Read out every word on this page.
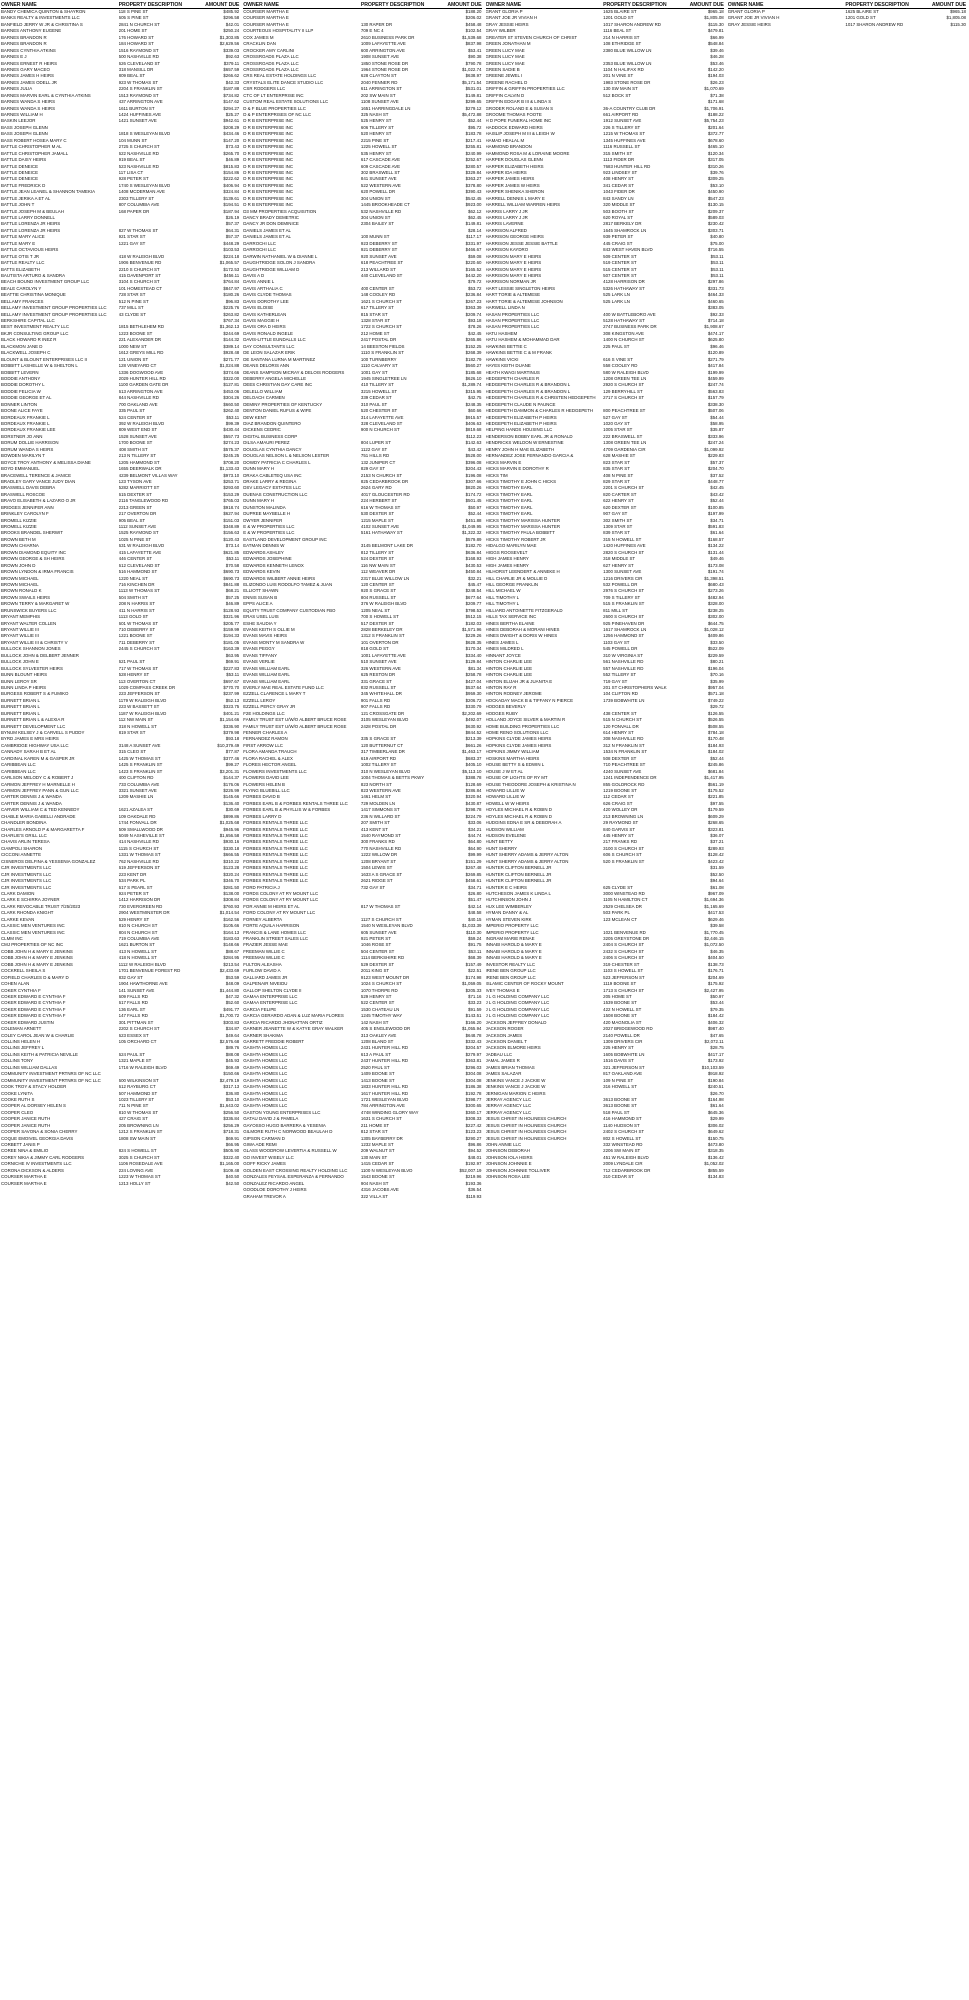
OWNER NAME	PROPERTY DESCRIPTION	AMOUNT DUE
BANDY CHEMICA QUINTON & SHAYRON	118 S PINE ST	$485.92
BANKS REALTY & INVESTMENTS LLC	605 S PINE ST	$296.58
BANFIELD JERRY W JR & CHRISTINA S	2841 N CHURCH ST	$42.01
BARNES ANTHONY EUGENE	201 HOME ST	$250.24
BARNES BRANDON R	176 HOWARD ST	$1,303.85
BARNES BRANDON R	184 HOWARD ST	$2,629.56
BARNES CYNTHIA ATKINS	1516 RAYMOND ST	$339.03
BARNES E J	500 NASHVILLE RD	$92.63
BARNES ERNEST R HEIRS	626 CLEVELAND ST	$379.11
BARNES GARY MACEO	318 MANSILL DR	$657.59
BARNES JAMES H HEIRS	809 BEAL ST	$266.62
BARNES JAMES ODELL JR	923 W THOMAS ST	$42.33
BARNES JULIA	2204 S FRANKLIN ST	$187.88
BARNES MARVIN EARL & CYNTHIA ATKINS	1513 RAYMOND ST	$734.82
BARNES WANDA S HEIRS	437 ARRINGTON AVE	$147.62
BARNES WANDA S HEIRS	1611 BURTON ST	$294.27
BARNES WILLIAM H	1424 HUFFINES AVE	$25.27
BASKIN LEEJOR	1421 SUNSET AVE	$942.61
BASS JOSEPH GLENN	$208.29
BASS JOSEPH GLENN	1818 S WESLEYAN BLVD	$434.46
BASS ROBERT HOSEA MARY C	104 MUNN ST	$147.20
BATTLE CHRISTOPHER M AL	2725 S CHURCH ST	$73.43
BATTLE CHRISTOPHER JAMALL	622 NASHVILLE RD	$265.70
BATTLE DAISY HEIRS	919 BEAL ST	$46.89
BATTLE DENEICE	523 NASHVILLE RD	$815.83
BATTLE DENEICE	117 LISA CT	$154.86
BATTLE DENEICE	928 PETER ST	$222.62
BATTLE FREDRICK D	1740 S WESLEYAN BLVD	$406.94
BATTLE JEAN LEANEL & SHANNON TAMEKIA	1408 MCDERMAN AVE	$324.84
BATTLE JERIKA A ET AL	2303 TILLERY ST	$139.61
BATTLE JOHN T	807 COLUMBIA AVE	$194.51
BATTLE JOSEPH M & BEULAH	168 PAPER DR	$187.94
BATTLE LARRY DONNELL	$26.19
BATTLE LORENZA JR HEIRS	$57.37
BATTLE LORENZA JR HEIRS	827 W THOMAS ST	$64.31
BATTLE MARY ALICE	921 STAR ST	$57.37
BATTLE MARY E	1221 GAY ST	$448.29
BATTLE OCTAVIOUS HEIRS	$103.53
BATTLE OTIS T JR	418 W RALEIGH BLVD	$224.18
BATTLE REALTY LLC	1906 BENVENUE RD	$1,065.57
BATTS ELIZABETH	2210 S CHURCH ST	$172.53
BAUTISTA ARTURO & SANDRA	415 DAVENPORT ST	$456.11
BEACH BOUND INVESTMENT GROUP LLC	3104 S CHURCH ST	$764.84
BEALE CAROLYN Y	101 HOMESTEAD CT	$847.97
BEATTIE CHRISTINA MONIQUE	728 STAR ST	$180.26
BELLAMY FRANCES	512 N PINE ST	$96.83
BELLAMY INVESTMENT GROUP PROPERTIES LLC	737 MILL ST	$225.76
BELLAMY INVESTMENT GROUP PROPERTIES LLC	43 CLYDE ST	$263.82
BERKSHIRE CAPITAL LLC	$767.34
BEST INVESTMENT REALTY LLC	1815 BETHLEHEM RD	$1,362.13
BKJR CONSULTING GROUP LLC	1223 BOONE ST	$244.69
BLACK HOWARD R INEZ R	221 ALEXANDER DR	$144.32
BLACKMON JANE D	1000 NEW ST	$389.14
BLACKWELL JOSEPH C	1612 GREYS MILL RD	$928.48
BLOUNT & BLOUNT ENTERPRISES LLC II	121 UNION ST	$271.77
BOBBITT LASHELLE W & SHELTON L	128 VINEYARD CT	$1,024.88
BOBBITT LEVERN	1336 DOGWOOD AVE	$374.66
BODDIE ANTHONY	2029 HUNTER HILL RD	$322.00
BODDIE DOROTHY L	1100 GARDEN GATE DR	$127.81
BODDIE FELICIA W	613 ARRINGTON AVE	$453.06
BODDIE GEORGE ET AL	844 NASHVILLE RD	$304.26
BONNER LINTON	700 OAKLAND AVE	$660.50
BOONE ALICE FAYE	335 PAUL ST	$262.40
BORDEAUX FRANKIE L	524 CENTER ST	$53.11
BORDEAUX FRANKIE L	392 W RALEIGH BLVD	$99.39
BORDEAUX FRANKIE LEE	809 WEST END ST	$430.44
BORSTNER JO ANN	1528 SUNSET AVE	$557.73
BORUM DOLLIE HARRISON	1700 BOONE ST	$274.23
BORUM WANDA S HEIRS	408 SMITH ST	$575.37
BOWDEN MARILYN T	213 N TILLERY ST	$245.25
BOYCE TROY ANTHONY & MELISSA DIANE	1205 HAMMOND ST	$708.20
BOYD EMMANUEL	1655 DEERWALK DR	$1,133.43
BRACEWELL TERENCE & JANICE	4239 BELMONT VILLAS WAY	$973.10
BRADLEY GARY VANCE JUDY DIAN	123 TYSON AVE	$253.71
BRASWELL DAVIS DEBRA	5282 MARRIOTT ST	$293.60
BRASWELL ROSCOE	615 DEXTER ST	$153.29
BRAVO ELISABETH & LAZARO O JR	2116 TANGLEWOOD RD	$765.03
BRIDGES JENNIFER ANN	2213 GREEN ST	$918.74
BRINKLEY CAROLYN F	217 OVERTON DR	$627.94
BROMELL KIZZIE	905 BEAL ST	$151.03
BROMELL KIZZIE	1112 SUNSET AVE	$348.89
BROOKS BRANDEL SHERWIT	1525 RAYMOND ST	$156.63
BROWN BETH M	1025 N PINE ST	$120.43
BROWN CHIARNA	631 W RALEIGH BLVD	$73.14
BROWN DIAMOND EQUITY INC	415 LAFAYETTE AVE	$621.85
BROWN GEORGE & SH HEIRS	446 CENTER ST	$53.11
BROWN JOHN D	612 CLEVELAND ST	$70.58
BROWN LYNDON & IRMA FRANCIS	516 HAMMOND ST	$690.73
BROWN MICHAEL	1220 NEAL ST	$690.73
BROWN MICHAEL	716 KINCHEN DR	$841.88
BROWN RONALD K	1113 W THOMAS ST	$68.21
BROWN SWAILS HEIRS	504 SMITH ST	$57.25
BROWN TERRY & MARGARET W	208 N HARRIS ST	$46.89
BRUNSWICK BUYERS LLC	411 N HARRIS ST	$128.93
BRYANT MEMPHIS	1113 GOLD ST	$321.96
BRYANT WALTER COLLEN	601 W THOMAS ST	$205.77
BRYANT WILLIE III	710 DEBERRY ST	$159.99
BRYANT WILLIE III	1221 BOONE ST	$194.33
BRYANT WILLIE III & CHRISTY V	711 DEBERRY ST	$181.05
BULLOCK SHANNON JONES	2445 S CHURCH ST	$163.39
BULLOCK JOHN & DELBERT JENNER	$63.95
BULLOCK JOHN E	621 PAUL ST	$69.91
BULLOCK SYLVESTER HEIRS	717 W THOMAS ST	$227.83
BUNN BLOUNT HEIRS	528 HENRY ST	$53.11
BUNN LEROY SR	113 OVERTON CT	$697.67
BUNN LINDA P HEIRS	1029 COMPASS CREEK DR	$770.70
BURGESS ROBERT S & FUMIKO	223 JEFFERSON ST	$237.99
BURNETT BRIAN L	1179 W RALEIGH BLVD	$52.13
BURNETT BRIAN L	223 W BASSETT ST	$323.75
BURNETT BRIAN L	1187 W RALEIGH BLVD	$401.21
BURNETT BRIAN L & ALEXIA R	112 NW MAIN ST	$1,154.66
BURNETT DEVELOPMENT LLC	318 N HOWELL ST	$336.90
BYNUM KELSEY J & CARVELL S PUDDY	819 STAR ST	$379.98
BYRD JAMES E MRS HEIRS	$93.18
CAMBRIDGE HIGHWAY USA LLC	3148 A SUNSET AVE	$10,379.49
CANNADY SARAH B ET AL	315 CLEO ST	$77.87
CARDINAL KAREN M & GASPER JR	1425 W THOMAS ST	$377.46
CARIBBEAN LLC	1425 S FRANKLIN ST	$99.27
CARIBBEAN LLC	1423 S FRANKLIN ST	$3,201.31
CARLSON MELODY C & ROBERT J	400 CLIFTON RD	$144.37
CARMON JEFFREY H MARNELLE H	733 COLUMBIA AVE	$176.06
CARMON JEFFREY PANN & GUN LLC	3321 SUNSET AVE	$226.99
CARTER DENNIS J & WANDA	1209 MASHIE LN	$145.66
CARTER DENNIS J & WANDA	$136.40
CARVER WILLIAM C & TED KENNEDY	1621 AZALEA ST	$30.69
CHABLE MARIA GABELLI ANDRADE	109 OAKDALE RD	$899.86
CHANDLER BONDINA	1744 FONVALL DR	$1,025.68
CHARLES ARNOLD P & MARGARETTA F	509 SMALLWOOD DR	$945.96
CHARLIE'S GRILL LLC	5049 N ASHEVILLE ST	$1,656.58
CHAVIS ARLIN TERESA	414 NASHVILLE RD	$930.16
CIAMPOLI SHARON	1115 S CHURCH ST	$330.18
CICCONI ANNETTE	1331 W THOMAS ST	$666.55
CISNEROS DELFINA & YESSENIA GONZALEZ	762 NASHVILLE RD	$310.22
CJR INVESTMENTS LLC	619 JEFFERSON ST	$123.28
CJR INVESTMENTS LLC	223 KENT DR	$320.24
CJR INVESTMENTS LLC	534 PARK PL	$346.70
CJR INVESTMENTS LLC	617 S PEARL ST	$281.50
CLARK DAMION	924 PETER ST	$138.00
CLARK E SCHIRRA JOYNER	1412 HARRISON DR	$308.84
CLARK REVOCABLE TRUST 7/25/2023	730 EVERGREEN RD	$760.93
CLARK RHONDA KNIGHT	2904 WESTMINSTER DR	$1,014.54
CLARKE KEVAN	529 HENRY ST	$162.56
CLASSIC MEN VENTURES INC	810 N CHURCH ST	$105.66
CLASSIC MEN VENTURES INC	804 N CHURCH ST	$164.13
CLMM INC	719 COLUMBIA AVE	$183.63
CMJ PROPERTIES OF NC INC	1621 BURTON ST	$148.66
COBB JOHN H & MARY E JENKINS	413 N HOWELL ST	$88.67
COBB JOHN H & MARY E JENKINS	418 N HOWELL ST	$284.95
COBB JOHN H & MARY E JENKINS	1112 W RALEIGH BLVD	$213.54
COCKRELL SHEILA S	1701 BENVENUE FOREST RD	$2,433.69
COFIELD CHARLES D & MARY D	832 GAY ST	$53.59
COHEN ALAN	1904 HAWTHORNE AVE	$48.09
COKER CYNTHIA F	141 SUNSET AVE	$1,444.80
COKER EDWARD E CYNTHIA F	609 FALLS RD	$47.32
COKER EDWARD E CYNTHIA F	617 FALLS RD	$52.60
COKER EDWARD E CYNTHIA F	136 EARL ST	$491.77
COKER EDWARD E CYNTHIA F	147 FALLS RD	$1,700.72
COKER EDWARD JUSTIN	301 PITTMAN ST	$303.83
COLEMAN ARNETT	2202 S CHURCH ST	$34.87
COLEY CAROL JEAN W & CHARLIE	623 ESSEX ST	$49.64
COLLINS HELEN H	105 ORCHARD CT	$2,576.68
COLLINS JEFFREY L	$89.76
COLLINS KEITH & PATRICIA NEVILLE	624 PAUL ST	$88.08
COLLINS TONY	1321 MAPLE ST	$45.93
COLLINS WILLIAM DALLAS	1716 W RALEIGH BLVD	$69.49
COMMUNITY INVESTMENT PRTNRS OF NC LLC	$150.66
COMMUNITY INVESTMENT PRTNRS OF NC LLC	600 WILKINSON ST	$2,479.19
COOK TROY & STACY HOLDER	612 RAYBURG CT	$317.13
COOKE LYNITA	507 HAMMOND ST	$36.80
COOKE RUTH S	1023 TILLERY ST	$53.10
COOPER AL DORSEY HELEN S	711 N PINE ST	$1,643.02
COOPER CLEO	810 W THOMAS ST	$256.50
COOPER JANICE RUTH	427 CRAIG ST	$336.84
COOPER JANICE RUTH	205 BROWNING LN	$256.29
COOPER SAVONA & SONIA CHERRY	1212 S FRANKLIN ST	$718.31
COQUE EMOIVEL GEORGIA DAVIS	1808 SW MAIN ST	$69.91
CORBETT JANIS P	$66.95
COREE NINA & EMILIO	824 S HOWELL ST	$505.90
COREY NIKIA & JIMMY CARL RODGERS	3025 S CHURCH ST	$322.40
CORNICHE IV INVESTMENTS LLC	1106 ROSEDALE AVE	$1,165.00
CORONA DICKSON & ALDERS	224 LOVING AVE	$109.48
COURSER MARTHA E	1223 W THOMAS ST	$40.50
COURSER MARTHA E	1213 HOLLY ST	$42.50
OWNER NAME	PROPERTY DESCRIPTION	AMOUNT DUE
COURSER MARTHA E	$188.20
COURSER MARTHA E	$206.02
COURSER MARTHA E	130 RAPER DR	$458.48
COURTEOUS HOSPITALITY II LLP	709 E NC 4	$102.54
COX JAMES M	2610 BUSINESS PARK DR	$1,539.68
CRACKLIN DAN	1009 LAFAYETTE AVE	$837.98
CROCKER AMY CARLINI	600 ARRINGTON AVE	$53.41
CROSSROADS PLAZA LLC	1908 SUNSET AVE	$90.38
CROSSROADS PLAZA LLC	1850 STONE ROSE DR	$790.78
CROSSROADS PLAZA LLC	1964 STONE ROSE DR	$1,022.74
CRS REAL ESTATE HOLDINGS LLC	628 CLAYTON ST	$638.97
CRYSTALS ELITE DANCE STUDIO LLC	2040 FENNER RD	$5,171.54
CSR RODGERS LLC	611 ARRINGTON ST	$531.01
CTC OF LT ENTERPRISE INC	202 SW MAIN ST	$149.81
CUSTOM REAL ESTATE SOLUTIONS LLC	1108 SUNSET AVE	$299.65
D & F BLUE PROPERTIES LLC	1651 HARRINGDALE LN	$279.12
D & P ENTERPRISES OF NC LLC	325 NASH ST	$5,472.88
D R B ENTERPRISE INC	525 HENRY ST	$52.44
D R B ENTERPRISE INC	606 TILLERY ST	$95.72
D R B ENTERPRISE INC	520 HENRY ST	$183.78
D R B ENTERPRISE INC	2215 PINE ST	$217.41
D R B ENTERPRISE INC	1225 HOWELL ST	$255.81
D R B ENTERPRISE INC	535 HENRY ST	$240.99
D R B ENTERPRISE INC	617 CASCADE AVE	$252.67
D R B ENTERPRISE INC	609 CASCADE AVE	$280.57
D R B ENTERPRISE INC	302 BRASWELL ST	$329.84
D R B ENTERPRISE INC	841 SUNSET AVE	$363.27
D R B ENTERPRISE INC	522 WESTERN AVE	$378.80
D R B ENTERPRISE INC	620 POWELL DR	$390.43
D R B ENTERPRISE INC	304 UNION ST	$542.45
D R B ENTERPRISE INC	1445 BROOKHEADE CT	$923.00
D3 MM PROPERTIES ACQUISITION	532 NASHVILLE RD	$62.12
DANCY BRADY DEMETRIC	304 UNION ST	$62.45
DANCY JR DON DEMINICE	2304 BAILEY ST	$149.81
DANIELS JAMES ET AL	$28.14
DANIELS JAMES ET AL	100 MUNN ST	$117.17
DARROCHI LLC	923 DEBERRY ST	$331.97
DARROCHI LLC	921 DEBERRY ST	$466.67
DARWIN NATHANIEL W & DIANNE L	920 SUNSET AVE	$59.08
DAUGHTRIDGE SOLON J SANDRA	618 PEACHTREE ST	$220.60
DAUGHTRIDGE WILLIAM D	213 WILLARD ST	$165.52
DAVIS A D	440 CLEVELAND ST	$442.20
DAVIS ANNIE L	$79.72
DAVIS ARTHALIA C	400 CENTER ST	$53.72
DAVIS CLYDE THOMAS	148 COOLEY RD	$236.84
DAVIS DOROTHY LEE	1621 S CHURCH ST	$267.23
DAVIS ELOISE	617 TILLERY ST	$363.39
DAVIS KATHERLEAN	815 STAR ST	$209.74
DAVIS MAGGIE H	1328 STAR ST	$93.18
DAVIS ORA D HEIRS	1722 S CHURCH ST	$78.26
DAVIS RONALD INGELE	212 HOME ST	$42.45
DAVIS-LITTLE EUNDALLS LLC	2417 POSTAL DR	$265.86
DAY CONSULTANTS LLC	14 BEESTON FIELDS	$152.25
DE LEON SALAZAR ERIK	1110 S FRANKLIN ST	$268.39
DE SANTANA LURNA M MARTINEZ	100 TURNBERRY	$182.79
DEANS DELORIS ANN	1110 CALVARY ST	$560.27
DEANS SAMPSON MICRAY & DELOIS RODGERS	1001 GAY ST	$185.68
DEBERRY ANGELA MICHELLE	1945 SINGLETREE LN	$626.10
DEES CHRISTIAN DAY CARE INC	410 TILLERY ST	$1,289.74
DELELLO WILLIAM	3215 HOWELL ST	$315.95
DELOACH CARMEN	339 CEDAR ST	$42.75
DEMINY PROPERTIES OF KENTUCKY	310 PAUL ST	$248.35
DENTON DANIEL RUFUS & WIFE	520 CHESTER ST	$60.66
DEW KENT	314 LAFAYETTE AVE	$915.57
DIAZ BRANDON QUINTERO	328 CLEVELAND ST	$406.63
DICKENS CEDRIC	900 N CHURCH ST	$819.68
DIGITAL BUSINESS CORP	$112.23
DILSA AMAURI PEREZ	804 LUPER ST	$142.63
DOUGLAS CYNTHIA DANCY	1122 GAY ST	$43.42
DOUGLAS NELSON L & NELSON LESTER	751 HILLS RD	$528.00
DOWDY PATRICIA C CHARLES L	132 JUNIPER CT	$396.08
DUNN MARY H	829 GAY ST	$204.43
DRAKA CABLETEQ USA INC	2153 N CHURCH ST	$196.08
DRAKE LARRY & REGINA	825 CEDARBROOK DR	$307.66
DSV LEGACY ESTATES LLC	2624 GARY RD	$820.26
DUENAS CONSTRUCTION LLC	4017 GLOUCESTER RD	$174.72
DUNN MARY H	224 HERBERT ST	$501.45
DUNSTON MALINDA	616 W THOMAS ST	$50.97
DUPREE MAYBELLE H	530 DEXTER ST	$52.44
DWYER JENNIFER	1215 MAPLE ST	$451.88
E & W PROPERTIES LLC	4102 SUNSET AVE	$1,049.95
E & W PROPERTIES LLC	5161 HATHAWAY ST	$1,322.32
EASTLAND DEVELOPMENT GROUP INC	$579.89
EATMAN DENNIS W	3145 BELMONT LAKE DR	$182.70
EDWARDS ASHLEY	812 TILLERY ST	$636.84
EDWARDS JOSEPHINE	524 DEXTER ST	$168.93
EDWARDS KENNETH LENOX	116 NW MAIN ST	$430.53
EDWARDS KEVIN	112 WEAVER DR	$450.84
EDWARDS WILBERT ANNIE HEIRS	2317 BLUE WILLOW LN	$32.21
ELIZONDO LUIS RODOLFO TAMEZ & JUAN	120 CENTER ST	$45.47
ELLIOTT SHAWN	920 S GRACE ST	$248.54
ENNIS SUSAN B	804 RUSSELL ST	$677.64
EPPS ALICE A	376 W RALEIGH BLVD	$209.77
EQUITY TRUST COMPANY CUSTODIAN FBO	1205 NEAL ST	$798.53
ERAS USEL LUIS	700 S HOWELL ST	$512.15
ESHE SAUDIA Y	517 DEXTER ST	$182.03
EVANS KEITH S OLLIE M	2828 BERKELEY DR	$1,571.96
EVANS MAVIS HEIRS	1312 S FRANKLIN ST	$229.26
EVANS MONTY M SANDRA W	101 OVERTON DR	$628.35
EVANS PEGGY	818 GOLD ST	$170.34
EVANS TIFFANY	1001 LAFAYETTE AVE	$334.40
EVANS VERLIE	510 SUNSET AVE	$129.84
EVANS WILLIAM EARL	326 WESTERN AVE	$81.34
EVANS WILLIAM EARL	625 RESTON DR	$258.78
EVANS WILLIAM EARL	331 GRACE ST	$427.04
EVERLY MAE REAL ESTATE FUND LLC	832 RUSSELL ST	$537.64
EZZELL CLARENCE L MARY T	345 WHITEHALL DR	$959.30
EZZELL LEROY	901 FALLS RD	$206.72
EZZELL PERCY GRAY JR	907 FALLS RD	$330.79
F2E HOLDINGS LLC	121 CROSSGATE DR	$2,202.69
FAMILY TRUST EST U/W/O ALBERT BRUCE ROSE	3105 WESLEYAN BLVD	$492.07
FAMILY TRUST EST U/W/O ALBERT BRUCE ROSE	2428 POSTAL DR	$630.92
FENNER CHARLES A	$844.52
FERNANDEZ RAMON	335 S GRACE ST	$213.39
FIRST ARROW LLC	120 BUTTERNUT CT	$661.26
FLORA AMANDA TRAUCH	317 TIMBERLANE DR	$1,463.17
FLORA RACHEL & ALEX	619 AIRPORT RD	$683.37
FLORES HECTOR ANGEL	1002 TILLERY ST	$405.10
FLOWERS INVESTMENTS LLC	310 N WESLEYAN BLVD	$5,113.10
FLOWERS DAVID LEE	1004 THOMAS & BETTS PKWY	$388.78
FLOWERS HELEN B	823 NORTH ST	$128.69
FLYING BLUEBILL LLC	823 WESTERN AVE	$286.84
FORBES DAVID B	1461 HELM ST	$320.94
FORBES EARL B & FORBES RENTALS THREE LLC	729 MOLDEN LN	$430.87
FORBES EARL B & PHYLLIS W & FORBES	1417 SIMMONS ST	$298.78
FORBES LARRY D	236 N WILLARD ST	$224.79
FORBES RENTALS THREE LLC	207 SMITH ST	$33.06
FORBES RENTALS THREE LLC	413 KENT ST	$34.21
FORBES RENTALS THREE LLC	1540 RAYMOND ST	$44.74
FORBES RENTALS THREE LLC	300 FRANKS RD	$64.80
FORBES RENTALS THREE LLC	770 NASHVILLE RD	$64.90
FORBES RENTALS THREE LLC	1222 WILLOW DR	$99.99
FORBES RENTALS THREE LLC	1208 BRYANT ST	$151.29
FORBES RENTALS THREE LLC	1504 LEWIS ST	$267.48
FORBES RENTALS THREE LLC	1633 A S GRACE ST	$269.85
FORBES RENTALS THREE LLC	2621 RIDGE ST	$458.61
FORD PATRICIA J	732 GAY ST	$34.71
FORDS COLONY AT RY MOUNT LLC	$26.80
FORDS COLONY AT RY MOUNT LLC	$51.47
FOR ANNIE M HEIRS ET AL	817 W THOMAS ST	$42.14
FORD COLONY AT RY MOUNT LLC	$48.58
FORNEY ALBERTA	1127 S CHURCH ST	$40.15
FORTE AQUILA HARRISON	1540 N WESLEYAN BLVD	$1,033.39
FRANCIS & LANE HOMES LLC	605 SUNSET AVE	$110.30
FRANKLIN STREET SALES LLC	921 PETER ST	$59.24
FRAZIER JESSE MAE	1046 ROSE ST	$91.75
FREEMAN WILLIE C	504 CENTER ST	$53.11
FREEMAN WILLIE C	1114 BERKSHIRE RD	$68.39
FULTON ALEASHA	529 DEXTER ST	$157.49
FURLOW DAVID A	2011 KING ST	$22.51
GALLIARD JAMES JR	9123 WEST MOUNT DR	$174.98
GALPENAIR NIVEIDU	1024 S CHURCH ST	$1,059.05
GALLOP SHELTON CLYDE II	1070 THORPE RD	$205.33
GAMAA ENTERPRISE LLC	529 HENRY ST	$71.16
GAMAA ENTERPRISE LLC	522 CENTER ST	$33.23
GARCIA FELIPE	1530 CHATEAU LN	$91.59
GARCIA GERARDO ADAN & LUZ MARIA FLORES	1245 TIMOTHY WAY	$143.51
GARCIA RICARDO JHONATTAN ORTIZ	142 NASH ST	$166.20
GARNER JEANETTE W & KATYE GRAY WALKER	405 S ENGLEWOOD DR	$1,055.94
GARNER SHAKIMA	313 OAKLEY AVE	$648.78
GARRETT FREDDIE ROBERT	1208 BLAND ST	$332.43
GASHTA HOMES LLC	2431 HUNTER HILL RD	$204.57
GASHTA HOMES LLC	613 A PAUL ST	$279.97
GASHTA HOMES LLC	2437 HUNTER HILL RD	$363.81
GASHTA HOMES LLC	2520 PAUL ST	$296.03
GASHTA HOMES LLC	1409 BOONE ST	$304.08
GASHTA HOMES LLC	1413 BOONE ST	$304.08
GASHTA HOMES LLC	1833 HUNTER HILL RD	$186.38
GASHTA HOMES LLC	1617 HUNTER HILL RD	$192.78
GASHTA HOMES LLC	1721 WESLEYAN BLVD	$398.77
GASHTA HOMES LLC	784 ARRINGTON AVE	$300.65
GASTON YOUNG ENTERPRISES LLC	4748 WINDING GLORY WAY	$360.17
GATAU DAVID J & PAMELA	1631 S CHURCH ST	$308.33
GAYOSSO HUGO BARRERA & YESENIA	211 HOME ST	$227.42
GILMORE RUTH C NORWOOD BEAULAH D	812 STAR ST	$123.23
GIPSON CARMAN D	1305 BAYBERRY DR	$290.27
GIWA ADE REMI	1232 MAPLE ST	$96.86
GLASS WOODROW LEVERTIA & RUSSELL W	209 WALNUT ST	$94.52
GO INVEST WISELY LLC	130 MAIN ST	$48.01
GOFF RICKY JAMES	1415 CEDAR ST	$192.97
GOLDEN EAST CROSSING REALTY HOLDING LLC	1100 N WESLEYAN BLVD	$52,007.19
GONZALES FEYSAIL ESPERANZA & FERNANDO	1543 BOONE ST	$219.96
GONZALEZ RICARDO ANGEL	904 NASH ST	$193.36
GOODLOE DOROTHY J HEIRS	4316 JACOBS AVE	$36.54
GRAHAM TREVOR A	322 VILLA ST	$119.93
OWNER NAME	PROPERTY DESCRIPTION	AMOUNT DUE
GRANT GLORIA P	1625 BLAIRE ST	$965.18
GRANT JOE JR VIVIAN H	1201 GOLD ST	$1,805.08
GRAY JESSIE HEIRS	1017 SHARON ANDREW RD	$115.30
GRAY WILBER	1116 BEAL ST	$479.81
GREATER ST STEVEN CHURCH OF CHRIST	214 N HARRIS ST	$66.99
GREEN JONATHAN M	108 ETHRIDGE ST	$548.84
GREEN LUCY MAE	2380 BLUE WILLOW LN	$39.46
GREEN LUCY MAE	$46.28
GREEN LUCY MAE	2353 BLUE WILLOW LN	$53.46
GREEN SADIE B	1104 N HALIFAX RD	$142.20
GREENE JEWEL I	201 N VINE ST	$194.03
GREENE RACHEL D	1983 STONE ROSE DR	$26.23
GRIFFIN & GRIFFIN PROPERTIES LLC	130 SW MAIN ST	$1,070.69
GRIFFIN CALVIN D	512 BOCK ST	$71.38
GRIFFIN EDGAR B III & LINDA S	$171.68
GRODER ROLAND E & SUSAN S	36-A COUNTRY CLUB DR	$1,706.91
GROOME THOMAS FOOTE	661 AIRPORT RD	$188.22
H D POPE FUNERAL HOME INC	1912 SUNSET AVE	$5,754.23
HADDOCK EDWARD HEIRS	226 S TILLERY ST	$201.64
HAISLIP JOSEPH M III & LEIGH W	1215 W THOMAS ST	$372.77
HAMAD HEALAL M	1345 HUFFINES AVE	$678.60
HAMMOND BRANDON	1116 RUSSELL ST	$465.10
HAMMOND ROSA M & LORAINE MOORE	315 SMITH ST	$120.34
HARPER DOUGLAS GLENN	1113 FIDER DR	$317.05
HARPER ELIZABETH HEIRS	7683 HUNTER HILL RD	$310.26
HARPER IDA HEIRS	923 LINDSEY ST	$39.76
HARPER JAMES HEIRS	408 HENRY ST	$309.25
HARPER JAMES W HEIRS	341 CEDAR ST	$53.10
HARPER SHENIKA SHERON	1043 FIDER DR	$450.90
HARRELL DENNIS L MARY E	843 SANDY LN	$547.23
HARRELL WILLIAM WARREN HEIRS	320 MIDDLE ST	$130.15
HARRIS LARRY J JR	503 BOOTH ST	$209.37
HARRIS LARRY J JR	620 ROYAL ST	$589.03
HARRIS LAVERNE	2817 BERKELY DR	$230.42
HARRISON ALFRED	1645 SHAMROCK LN	$303.71
HARRISON GEORGE HEIRS	939 PETER ST	$40.80
HARRISON JESSE JESSIE BATTLE	445 CRAIG ST	$75.00
HARRISON KAYDRO	843 WEST HAVEN BLVD	$716.55
HARRISON MARY E HEIRS	509 CENTER ST	$53.11
HARRISON MARY E HEIRS	519 CENTER ST	$53.11
HARRISON MARY E HEIRS	515 CENTER ST	$53.11
HARRISON MARY E HEIRS	507 CENTER ST	$53.11
HARRISON NORMAN JR	4128 HARRISON DR	$297.86
HART LESSIE SINGLETON HEIRS	5326 HATHAWAY ST	$331.73
HART TORIE & ALTEMESE	525 LARK LN	$464.33
HART TORIE & ALTEMESE JOHNSON	525 LARK LN	$460.65
HARWELL LINDA N	$383.05
HASAN PROPERTIES LLC	400 W BATTLEBORO AVE	$92.33
HASAN PROPERTIES LLC	5128 HATHAWAY ST	$714.18
HASAN PROPERTIES LLC	2747 BUSINESS PARK DR	$1,908.67
HATU HASHEM	308 KINGSTON AVE	$474.17
HATU HASHEM & MOHAMMAD DAR	1400 N CHURCH ST	$625.80
HAWKINS BETTIE C	225 PAUL ST	$96.46
HAWKINS BETTIE C & M FRANK	$120.89
HAWKINS VICKI	616 S VINE ST	$271.79
HAYES KEITH DUANE	558 COOLEY RD	$417.84
HEATH KWAGI MARTINUS	580 W RALEIGH BLVD	$199.99
HEDGEPETH CHARLES R	1208 GREEN TEE LN	$459.99
HEDGEPETH CHARLES R & BRANDON L	2920 S CHURCH ST	$247.74
HEDGEPETH CHARLES R & BRANDON L	129 BERRYHILL ST	$563.83
HEDGEPETH CHARLES R & CHRISTEN HEDGEPETH	2717 S CHURCH ST	$157.79
HEDGEPETH CLAUDE N PAUNCE	$338.30
HEDGEPETH DAMMON & CHARLES R HEDGEPETH	800 PEACHTREE ST	$507.06
HEDGEPETH ELIZABETH P HEIRS	527 GAY ST	$54.44
HEDGEPETH ELIZABETH P HEIRS	1020 GAY ST	$58.95
HELPING HANDS HOUSING LLC	1005 STAR ST	$35.87
HENDERSON BOBBY EARL JR & RONALD	222 BRASWELL ST	$333.96
HENDRICKS WELDON W ERNESTINE	1308 GREEN TEE LN	$247.24
HENRY JOHN H MAE ELIZABETH	4709 GARDENIA CIR	$1,099.92
HERNANDEZ JOSE FERNANDO GARCIA &	628 MASHIE ST	$229.83
HICKS MARVIN E	823 STAR ST	$57.37
HICKS MARVIN E DOROTHY R	835 STAR ST	$204.70
HICKS TIM	408 N PINE ST	$37.52
HICKS TIMOTHY E JOHN C HICKS	829 STAR ST	$448.77
HICKS TIMOTHY EARL	2201 S CHURCH ST	$42.45
HICKS TIMOTHY EARL	820 CARTER ST	$43.42
HICKS TIMOTHY EARL	622 HENRY ST	$52.44
HICKS TIMOTHY EARL	620 DEXTER ST	$100.85
HICKS TIMOTHY EARL	907 GAY ST	$197.99
HICKS TIMOTHY MARISSA HUNTER	302 SMITH ST	$34.71
HICKS TIMOTHY MARISSA HUNTER	1309 STAR ST	$591.83
HICKS TIMOTHY PAULA BOBBITT	839 STAR ST	$61.64
HICKS TIMOTHY ROBERT JR	315 N HOWELL ST	$168.57
HIDALGO MARILYN MAE	1420 HUFFINES AVE	$134.22
HIGGS ROOSEVELT	2820 S CHURCH ST	$131.44
HIGH JAMES HENRY	318 MIDDLE ST	$49.46
HIGH JAMES HENRY	627 HENRY ST	$173.08
HILHORST LEENDERT & ANNEKE H	1300 SUNSET AVE	$191.74
HILL CHARLIE JR & MOLLIE D	1216 DRIVERS CIR	$1,398.51
HILL GEORGE FRANKLIN	532 POWELL DR	$680.43
HILL MICHAEL W	2976 S CHURCH ST	$273.26
HILL TIMOTHY L	709 S TILLERY ST	$482.94
HILL TIMOTHY L	515 S FRANKLIN ST	$328.00
HILLIARD ANTOINETTE FITZGERALD	811 MILL ST	$238.25
HILLS TAX SERVICE INC	2600 S CHURCH ST	$302.00
HINES BERTHA ELAINE	925 PINEHAVEN DR	$644.75
HINES DEBORAH & MORANI HINES	1617 SHAMROCK LN	$1,028.12
HINES DWIGHT & DORIS W HINES	1256 HAMMOND ST	$409.86
HINES JAMES L	1103 GAY ST	$33.50
HINES MILDRED L	545 POWELL DR	$522.09
HINNANT JOYCE	310 W VIRGINIA ST	$229.59
HINTON CHARLIE LEE	561 NASHVILLE RD	$80.21
HINTON CHARLIE LEE	557 NASHVILLE RD	$196.04
HINTON CHARLIE LEE	552 TILLERY ST	$70.16
HINTON ELIJAH JR & JUANITA E	719 GAY ST	$35.99
HINTON RAY R	201 ST CHRISTOPHERS WALK	$957.04
HINTON RODNEY JEROME	104 CLIFTON RD	$571.18
HOCKADAY MACK B & TIFFANY N PIERCE	1739 BOBWHITE LN	$749.22
HODGES BEVERLY	$29.72
HODGES RUBY	438 CENTER ST	$126.55
HOLLAND JOYCE SILVER & MARTIN R	515 N CHURCH ST	$526.55
HOME BUILDING PROPERTIES LLC	120 FONVALL DR	$508.55
HOME RENO SOLUTIONS LLC	614 HENRY ST	$784.18
HOPKINS CLYDE JAMES HEIRS	308 NASHVILLE RD	$170.48
HOPKINS CLYDE JAMES HEIRS	312 N FRANKLIN ST	$184.93
HOPKINS JIMMY WILLIAM	1534 N FRANKLIN ST	$184.02
HOSKINS MARTHA HEIRS	508 DEXTER ST	$52.44
HOUSE BETTY S & EDWIN L	710 PEACHTREE ST	$245.86
HOUSE J W ET AL	4240 SUNSET AVE	$681.84
HOUSE OF LIGHTS OF RY MT	1241 INDEPENDENCE DR	$1,417.95
HOUSE THEODORE JOSEPH & KRISTINA N	855 GOLDROCK RD	$561.19
HOWARD LILLIE W	1219 BOONE ST	$175.52
HOWARD LILLIE W	112 CEDAR ST	$221.85
HOWELL W W HEIRS	626 CRAIG ST	$97.55
HOYLES MICHAEL R & ROBIN D	420 WOLLEY DR	$179.59
HOYLES MICHAEL R & ROBIN D	213 BROWNING LN	$609.29
HUDGINS EDNA E SR & DEBORAH A	29 RAYMOND ST	$268.65
HUDSON WILLIAM	840 GARVIS ST	$323.81
HUDSON EVELENE	445 HENRY ST	$36.07
HUNT BETTY	217 FRANKS RD	$37.21
HUNT SHERRY	3100 S CHURCH ST	$289.93
HUNT SHERRY ADAMS & JERRY ALTON	606 S CHURCH ST	$128.42
HUNT SHERRY ADAMS & JERRY ALTON	520 S FRANKLIN ST	$423.42
HUNTER CLIFTON BERNELL JR	$31.59
HUNTER CLIFTON BERNELL JR	$52.50
HUNTER CLIFTON BERNELL JR	$94.64
HUNTER E C HEIRS	625 CLYDE ST	$61.08
HUTCHESON JAMES K LINDA L	3000 WINSTEAD RD	$967.09
HUTCHINSON JOHN J	1105 N HAMILTON CT	$1,694.36
HUX LEE WIMBERLEY	2529 CHELSEA DR	$1,165.69
HYMAN DANNY & AL	503 PARK PL	$417.53
HYMAN STEVEN KIRK	123 MCLEAN CT	$629.46
IMPERIO PROPERTY LLC	$39.58
IMPERIO PROPERTY LLC	1021 BENVENUE RD	$1,770.45
INGRAM MARIE RENAE	3205 GREYSTONE DR	$2,446.15
INNABI HAROLD & MARY E	2404 S CHURCH ST	$1,072.50
INNABI HAROLD & MARY E	2432 S CHURCH ST	$46.35
INNABI HAROLD & MARY E	2406 S CHURCH ST	$404.50
INVESTOR REALTY LLC	319 CHESTER ST	$138.73
IRENE BEN GROUP LLC	1103 S HOWELL ST	$176.71
IRENE BEN GROUP LLC	523 JEFFERSON ST	$204.69
ISLAMIC CENTER OF ROCKY MOUNT	1119 BOONE ST	$175.92
IVEY THOMAS E	1713 S CHURCH ST	$2,427.95
J L G HOLDING COMPANY LLC	205 HOME ST	$50.97
J L G HOLDING COMPANY LLC	1539 BOONE ST	$53.44
J L G HOLDING COMPANY LLC	422 N HOWELL ST	$79.35
J L G HOLDING COMPANY LLC	1508 BOONE ST	$184.42
JACKSON JEFFREY DONALD	420 MAGNOLIA ST	$406.32
JACKSON ROGER	2027 BRIDGEWOOD RD	$987.40
JACKSON JAMES	2140 POWELL DR	$47.65
JACKSON DANIEL T	1309 DRIVERS CIR	$2,072.11
JACKSON ELMORE HEIRS	225 HENRY ST	$28.75
JADBAU LLC	1605 BOBWHITE LN	$417.17
JAMAL JAMES R	1516 DAVIS ST	$173.92
JAMES BRIAN THOMAS	321 JEFFERSON ST	$10,103.59
JAMES SALAZAR	817 OAKLAND AVE	$918.92
JENKINS VANCE J JACKIE W	109 N PINE ST	$190.84
JENKINS VANCE J JACKIE W	316 HOWELL ST	$240.51
JERNIGAN MARION C HEIRS	$26.70
JERRAY AGENCY LLC	3613 BOONE ST	$164.98
JERRAY AGENCY LLC	3613 BOONE ST	$61.64
JERRAY AGENCY LLC	518 PAUL ST	$645.36
JESUS CHRIST IN HOLINESS CHURCH	416 HAMMOND ST	$29.99
JESUS CHRIST IN HOLINESS CHURCH	1140 HUDSON ST	$306.02
JESUS CHRIST IN HOLINESS CHURCH	2402 S CHURCH ST	$649.62
JESUS CHRIST IN HOLINESS CHURCH	802 S HOWELL ST	$150.75
JOHN ANNIE LLC	332 WINSTEAD RD	$473.80
JOHNSON DEBORAH	2206 SW MAIN ST	$318.35
JOHNSON IOLA HEIRS	451 W RALEIGH BLVD	$136.42
JOHNSON JOHNNIE E	2009 LYNDALE CIR	$1,052.02
JOHNSON JOHNNIE TOLLIVER	712 CEDARBROOK DR	$855.59
JOHNSON ROSA LEE	310 CEDAR ST	$134.83
OWNER NAME	PROPERTY DESCRIPTION	AMOUNT DUE
GRANT GLORIA P	1625 BLAIRE ST	$965.18
GRANT JOE JR VIVIAN H	1201 GOLD ST	$1,805.08
GRAY JESSIE HEIRS	1017 SHARON ANDREW RD	$115.30
